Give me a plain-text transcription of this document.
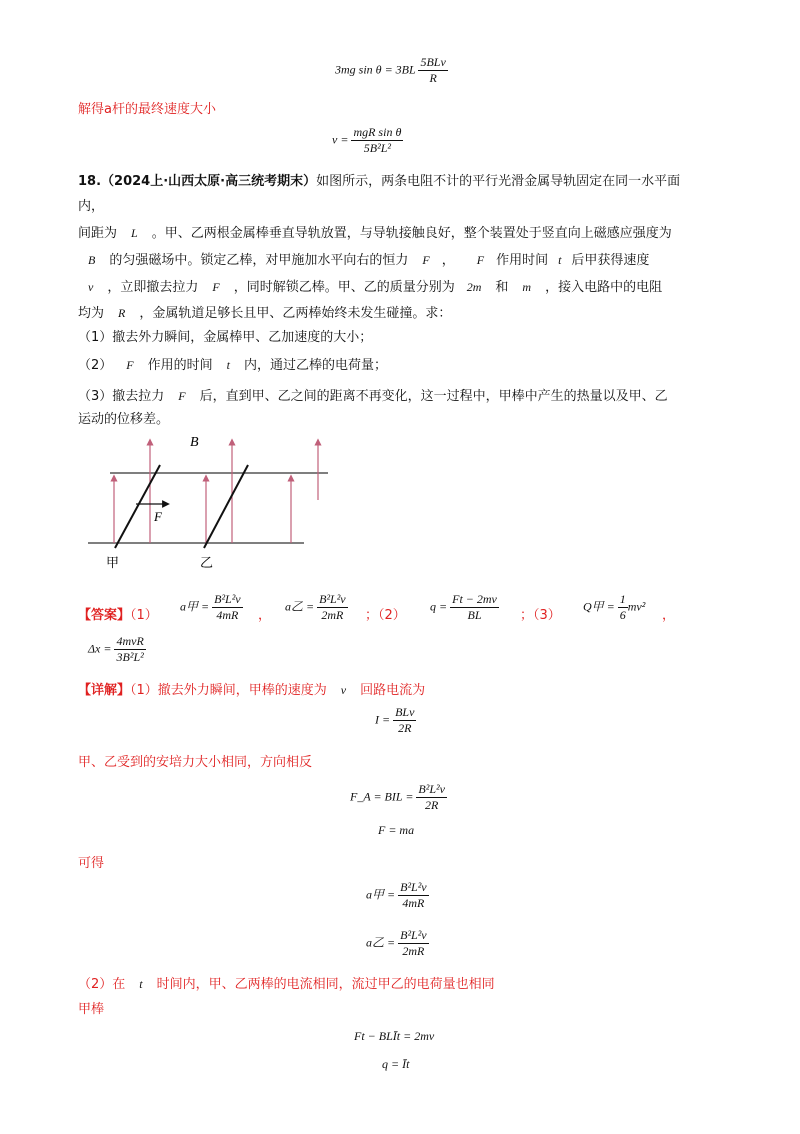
3mg $\sin \theta = 3BL \frac{\text{5BLv}}{R}$
解得a杆的最终速度大小
$v = \frac{\text{mgR sin θ}}{\text{5B²L²}}$
18.（2024上·山西太原·高三统考期末）如图所示，两条电阻不计的平行光滑金属导轨固定在同一水平面
内，
间距为 L 。甲、乙两根金属棒垂直导轨放置，与导轨接触良好，整个装置处于竖直向上磁感应强度为
B 的匀强磁场中。锁定乙棒，对甲施加水平向右的恒力 F ， F 作用时间 t 后甲获得速度
v ，立即撤去拉力 F ，同时解锁乙棒。甲、乙的质量分别为 2m 和 m ，接入电路中的电阻
均为 R ，金属轨道足够长且甲、乙两棒始终未发生碰撞。求：
（1）撤去外力瞬间，金属棒甲、乙加速度的大小；
（2） F 作用的时间 t 内，通过乙棒的电荷量；
（3）撤去拉力 F 后，直到甲、乙之间的距离不再变化，这一过程中，甲棒中产生的热量以及甲、乙
运动的位移差。
B
F
甲	乙
【答案】（1）
a甲 = $\frac{\text{B²L²v}}{4mR}$ ，
a乙 = $\frac{\text{B²L²v}}{2mR}$ ；（2）
$q = \frac{Ft - 2mv}{BL}$ ；（3）
Q甲 = $\frac{1}{6} mv^2$
，
$\Delta x = \frac{\text{4mvR}}{\text{3B²L²}}$
【详解】（1）撤去外力瞬间，甲棒的速度为 v 回路电流为
$I = \frac{\text{BLv}}{2R}$
甲、乙受到的安培力大小相同，方向相反
F_A = BIL = $\frac{\text{B²L²v}}{2R}$
F = ma
可得
a甲 = $\frac{\text{B²L²v}}{4mR}$
a乙 = $\frac{\text{B²L²v}}{2mR}$
（2）在 t 时间内，甲、乙两棒的电流相同，流过甲乙的电荷量也相同
甲棒
Ft − BLĪt = 2mv
q = Īt
